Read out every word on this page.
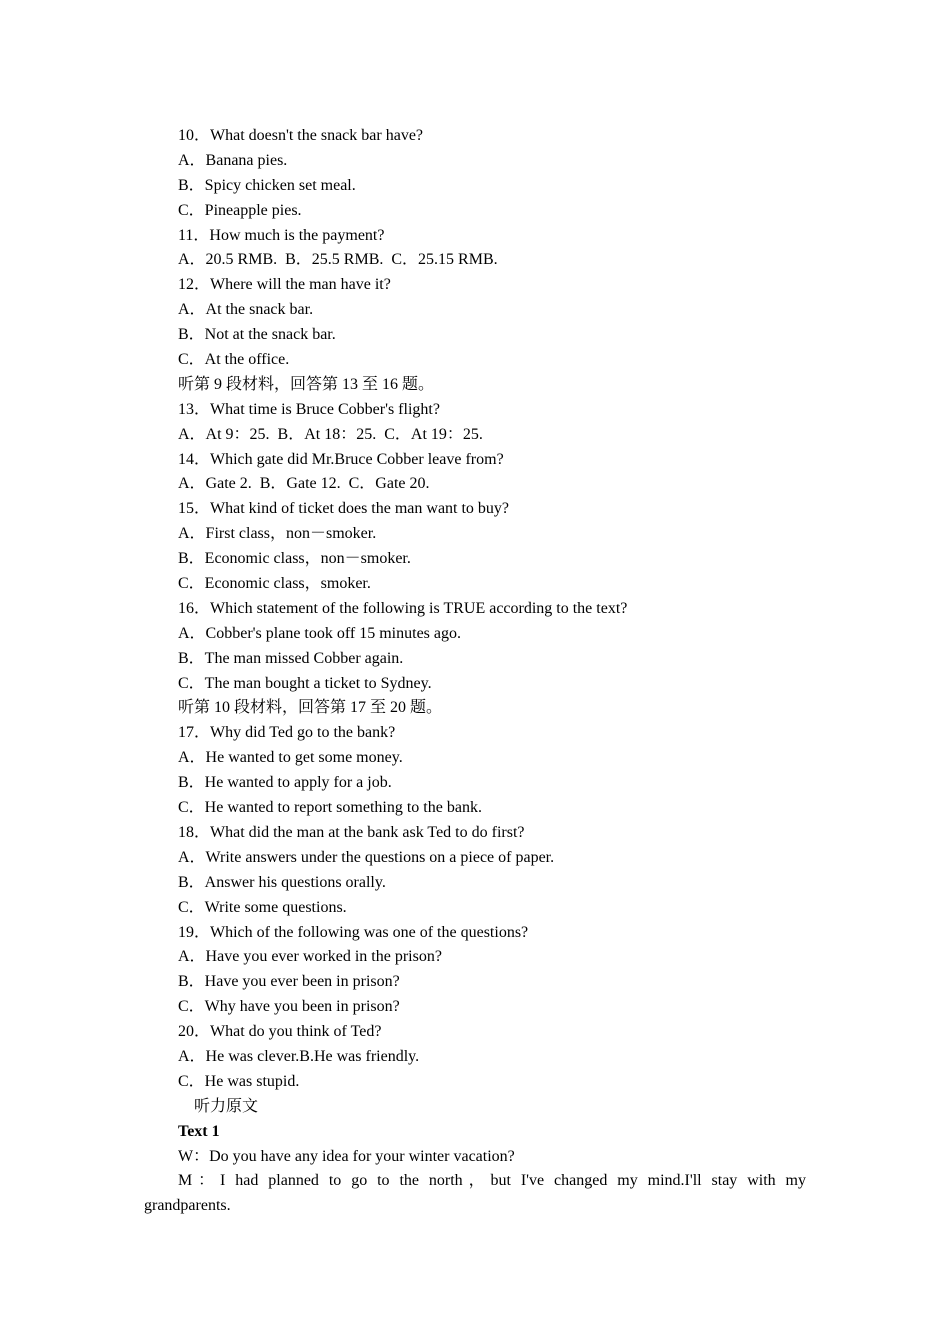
10．What doesn't the snack bar have?
A．Banana pies.
B．Spicy chicken set meal.
C．Pineapple pies.
11．How much is the payment?
A．20.5 RMB.  B．25.5 RMB.  C．25.15 RMB.
12．Where will the man have it?
A．At the snack bar.
B．Not at the snack bar.
C．At the office.
听第 9 段材料，回答第 13 至 16 题。
13．What time is Bruce Cobber's flight?
A．At 9：25.  B．At 18：25.  C．At 19：25.
14．Which gate did Mr.Bruce Cobber leave from?
A．Gate 2.  B．Gate 12.  C．Gate 20.
15．What kind of ticket does the man want to buy?
A．First class，non－smoker.
B．Economic class，non－smoker.
C．Economic class，smoker.
16．Which statement of the following is TRUE according to the text?
A．Cobber's plane took off 15 minutes ago.
B．The man missed Cobber again.
C．The man bought a ticket to Sydney.
听第 10 段材料，回答第 17 至 20 题。
17．Why did Ted go to the bank?
A．He wanted to get some money.
B．He wanted to apply for a job.
C．He wanted to report something to the bank.
18．What did the man at the bank ask Ted to do first?
A．Write answers under the questions on a piece of paper.
B．Answer his questions orally.
C．Write some questions.
19．Which of the following was one of the questions?
A．Have you ever worked in the prison?
B．Have you ever been in prison?
C．Why have you been in prison?
20．What do you think of Ted?
A．He was clever.B.He was friendly.
C．He was stupid.
听力原文
Text 1
W：Do you have any idea for your winter vacation?
M：I had planned to go to the north，but I've changed my mind.I'll stay with my
grandparents.
